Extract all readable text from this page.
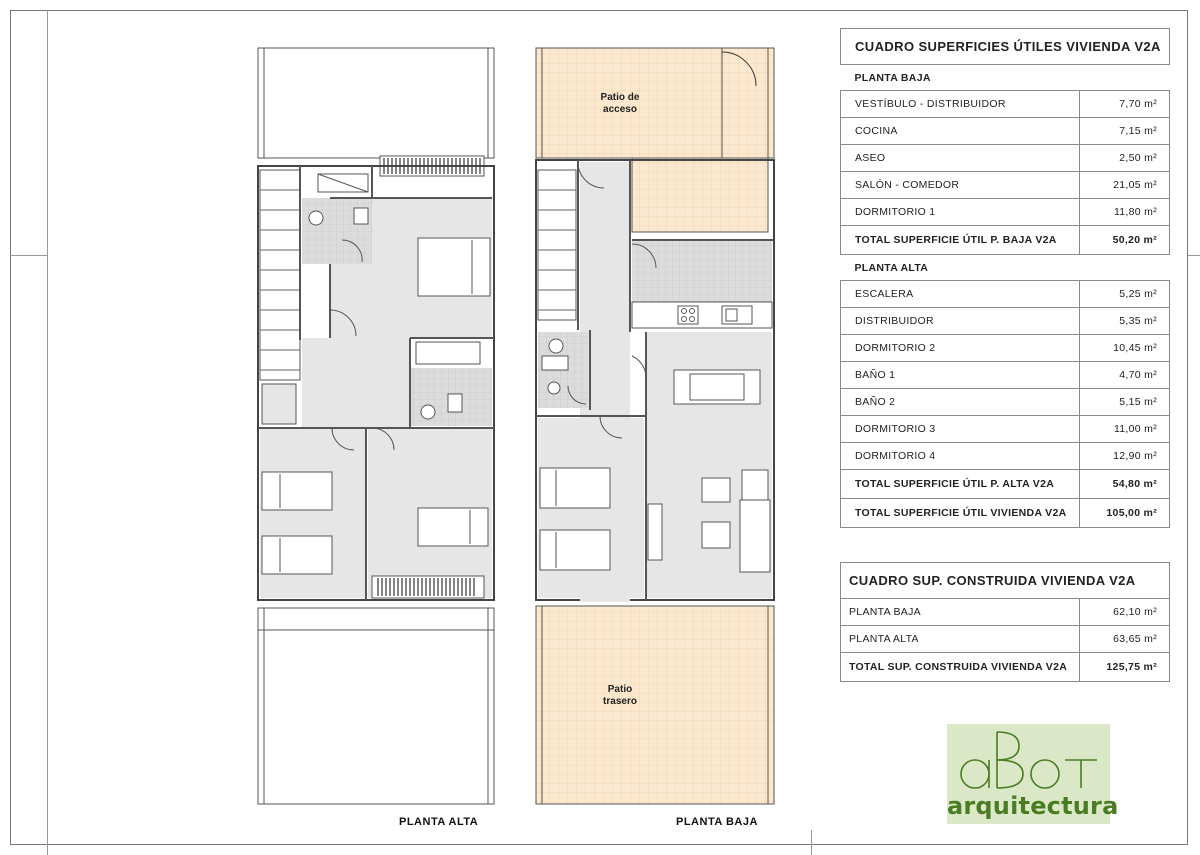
Patio de acceso
Patio trasero
PLANTA ALTA	PLANTA BAJA
CUADRO SUPERFICIES ÚTILES VIVIENDA V2A	
PLANTA BAJA	
VESTÍBULO - DISTRIBUIDOR	7,70 m²
COCINA	7,15 m²
ASEO	2,50 m²
SALÓN - COMEDOR	21,05 m²
DORMITORIO 1	11,80 m²
TOTAL SUPERFICIE ÚTIL P. BAJA V2A	50,20 m²
PLANTA ALTA	
ESCALERA	5,25 m²
DISTRIBUIDOR	5,35 m²
DORMITORIO 2	10,45 m²
BAÑO 1	4,70 m²
BAÑO 2	5,15 m²
DORMITORIO 3	11,00 m²
DORMITORIO 4	12,90 m²
TOTAL SUPERFICIE ÚTIL P. ALTA V2A	54,80 m²
TOTAL SUPERFICIE ÚTIL VIVIENDA V2A	105,00 m²
CUADRO SUP. CONSTRUIDA VIVIENDA V2A	
PLANTA BAJA	62,10 m²
PLANTA ALTA	63,65 m²
TOTAL SUP. CONSTRUIDA VIVIENDA V2A	125,75 m²
arquitectura
